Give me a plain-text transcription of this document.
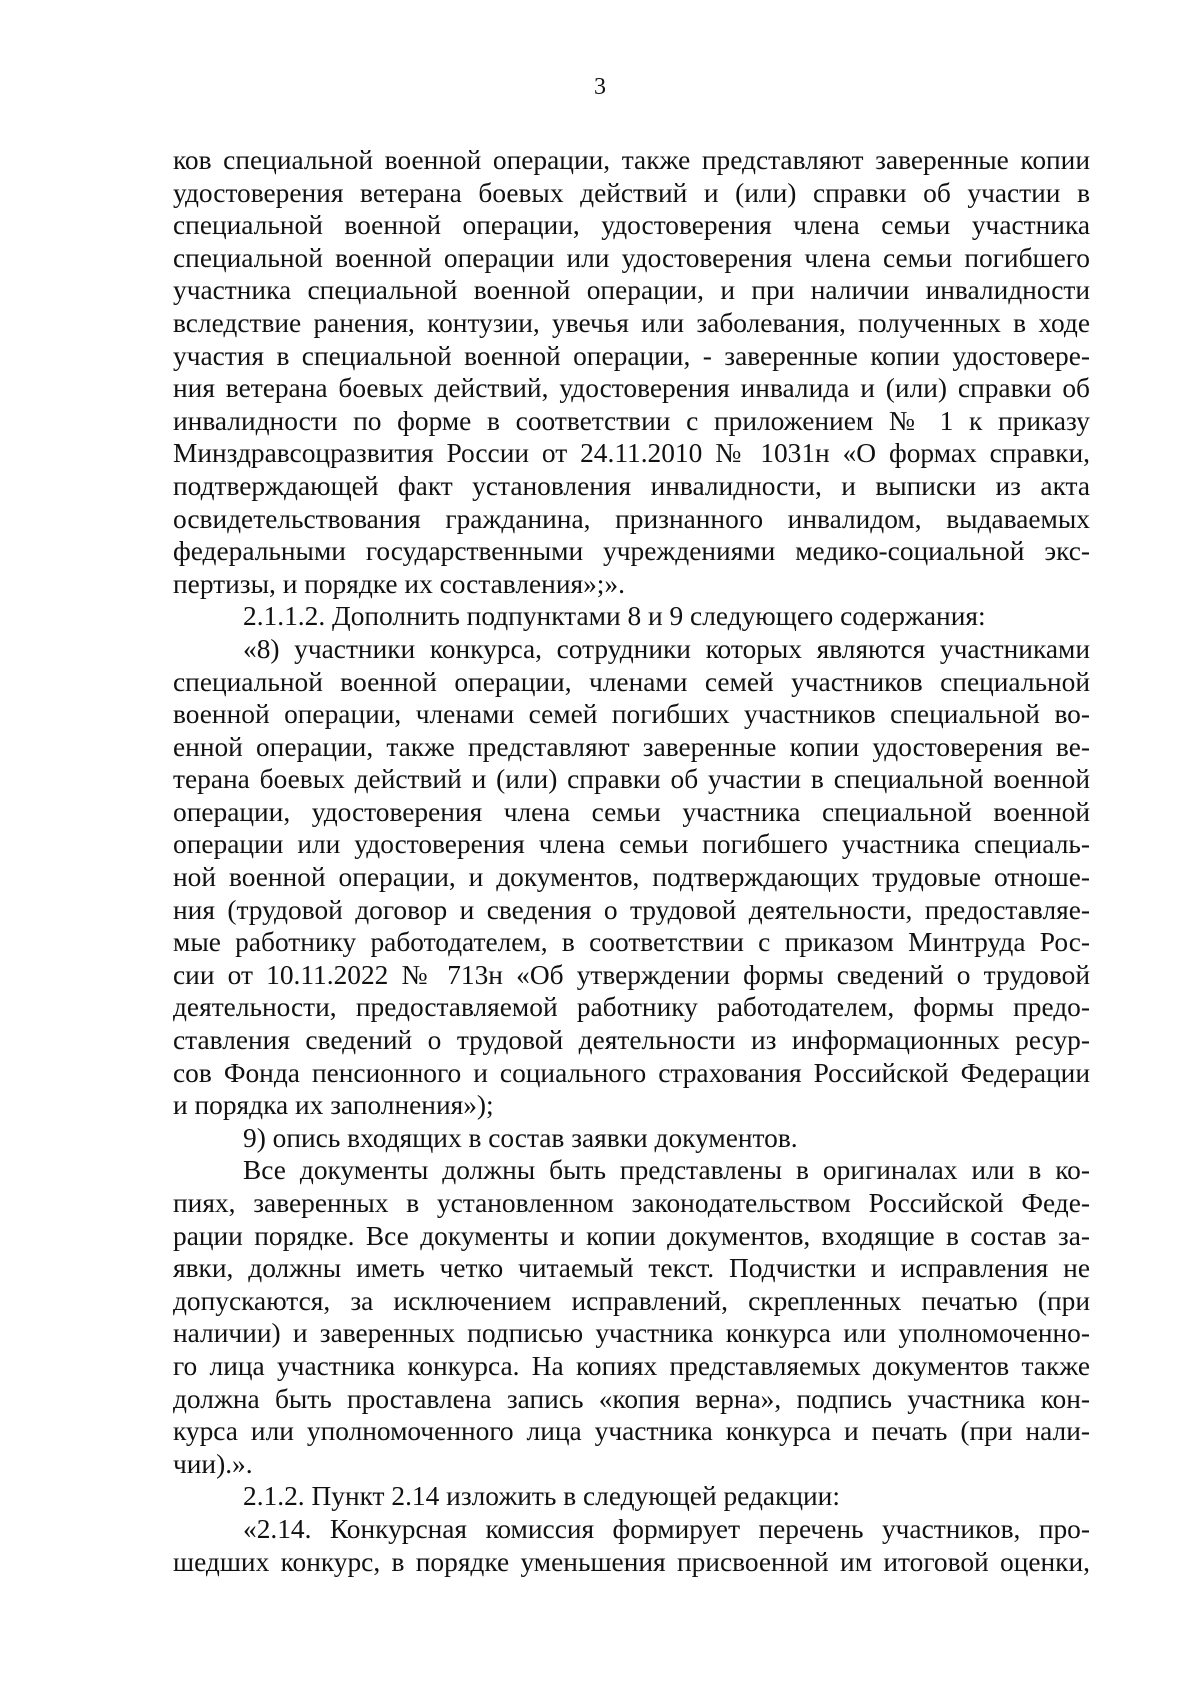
3
ков специальной военной операции, также представляют заверенные копии
удостоверения ветерана боевых действий и (или) справки об участии в
специальной военной операции, удостоверения члена семьи участника
специальной военной операции или удостоверения члена семьи погибшего
участника специальной военной операции, и при наличии инвалидности
вследствие ранения, контузии, увечья или заболевания, полученных в ходе
участия в специальной военной операции, - заверенные копии удостовере-
ния ветерана боевых действий, удостоверения инвалида и (или) справки об
инвалидности по форме в соответствии с приложением № 1 к приказу
Минздравсоцразвития России от 24.11.2010 № 1031н «О формах справки,
подтверждающей факт установления инвалидности, и выписки из акта
освидетельствования гражданина, признанного инвалидом, выдаваемых
федеральными государственными учреждениями медико-социальной экс-
пертизы, и порядке их составления»;».
2.1.1.2. Дополнить подпунктами 8 и 9 следующего содержания:
«8) участники конкурса, сотрудники которых являются участниками
специальной военной операции, членами семей участников специальной
военной операции, членами семей погибших участников специальной во-
енной операции, также представляют заверенные копии удостоверения ве-
терана боевых действий и (или) справки об участии в специальной военной
операции, удостоверения члена семьи участника специальной военной
операции или удостоверения члена семьи погибшего участника специаль-
ной военной операции, и документов, подтверждающих трудовые отноше-
ния (трудовой договор и сведения о трудовой деятельности, предоставляе-
мые работнику работодателем, в соответствии с приказом Минтруда Рос-
сии от 10.11.2022 № 713н «Об утверждении формы сведений о трудовой
деятельности, предоставляемой работнику работодателем, формы предо-
ставления сведений о трудовой деятельности из информационных ресур-
сов Фонда пенсионного и социального страхования Российской Федерации
и порядка их заполнения»);
9) опись входящих в состав заявки документов.
Все документы должны быть представлены в оригиналах или в ко-
пиях, заверенных в установленном законодательством Российской Феде-
рации порядке. Все документы и копии документов, входящие в состав за-
явки, должны иметь четко читаемый текст. Подчистки и исправления не
допускаются, за исключением исправлений, скрепленных печатью (при
наличии) и заверенных подписью участника конкурса или уполномоченно-
го лица участника конкурса. На копиях представляемых документов также
должна быть проставлена запись «копия верна», подпись участника кон-
курса или уполномоченного лица участника конкурса и печать (при нали-
чии).».
2.1.2. Пункт 2.14 изложить в следующей редакции:
«2.14. Конкурсная комиссия формирует перечень участников, про-
шедших конкурс, в порядке уменьшения присвоенной им итоговой оценки,
